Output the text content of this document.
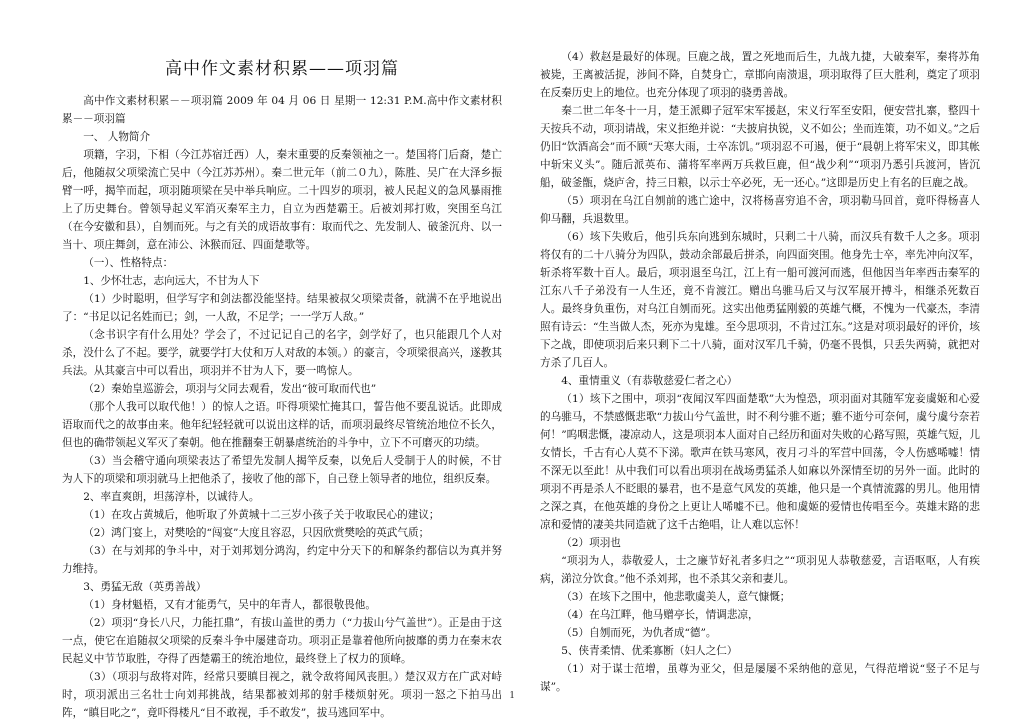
高中作文素材积累——项羽篇

高中作文素材积累－－项羽篇 2009 年 04 月 06 日 星期一 12:31 P.M.高中作文素材积累－－项羽篇

一、 人物简介

项籍，字羽，下相（今江苏宿迁西）人，秦末重要的反秦领袖之一。楚国将门后裔，楚亡后，他随叔父项梁流亡吴中（今江苏苏州）。秦二世元年（前二０九），陈胜、吴广在大泽乡振臂一呼，揭竿而起，项羽随项梁在吴中举兵响应。二十四岁的项羽，被人民起义的急风暴雨推上了历史舞台。曾领导起义军消灭秦军主力，自立为西楚霸王。后被刘邦打败，突围至乌江（在今安徽和县），自刎而死。与之有关的成语故事有：取而代之、先发制人、破釜沉舟、以一当十、项庄舞剑，意在沛公、沐猴而冠、四面楚歌等。

（一）、性格特点：

1、少怀壮志，志向远大，不甘为人下

（1）少时聪明，但学写字和剑法都没能坚持。结果被叔父项梁责备，就满不在乎地说出了：“书足以记名姓而已；剑，一人敌，不足学；一一学万人敌。”

（念书识字有什么用处？学会了，不过记记自己的名字，剑学好了，也只能跟几个人对杀，没什么了不起。要学，就要学打大仗和万人对敌的本领。）的豪言，令项梁很高兴，遂教其兵法。从其豪言中可以看出，项羽并不甘为人下，要一鸣惊人。

（2）秦始皇巡游会，项羽与父同去观看，发出“彼可取而代也”

（那个人我可以取代他！）的惊人之语。吓得项梁忙掩其口，誓告他不要乱说话。此即成语取而代之的故事由来。他年纪轻轻就可以说出这样的话，而项羽最终尽管统治地位不长久，但也的确带领起义军灭了秦朝。他在推翻秦王朝暴虐统治的斗争中，立下不可磨灭的功绩。

（3）当会稽守通向项梁表达了希望先发制人揭竿反秦，以免后人受制于人的时候，不甘为人下的项梁和项羽就马上把他杀了，接收了他的部下，自己登上领导者的地位，组织反秦。

2、率直爽朗，坦荡淳朴，以诚待人。

（1）在攻占黄城后，他听取了外黄城十二三岁小孩子关于收取民心的建议；

（2）鸿门宴上，对樊哙的“闯宴”大度且容忍，只因欣赏樊哙的英武气质；

（3）在与刘邦的争斗中，对于刘邦划分鸿沟，约定中分天下的和解条约都信以为真并努力维持。

3、勇猛无敌（英勇善战）

（1）身材魁梧，又有才能勇气，吴中的年青人，都很敬畏他。

（2）项羽“身长八尺，力能扛鼎”，有拔山盖世的勇力（“力拔山兮气盖世”）。正是由于这一点，使它在追随叔父项梁的反秦斗争中屡建奇功。项羽正是靠着他所向披靡的勇力在秦末农民起义中节节取胜，夺得了西楚霸王的统治地位，最终登上了权力的顶峰。

（3）（项羽与敌将对阵，经常只要瞋目视之，就令敌将闻风丧胆。）楚汉双方在广武对峙时，项羽派出三名壮士向刘邦挑战，结果都被刘邦的射手楼烦射死。项羽一怒之下拍马出阵，“瞋目叱之”，竟吓得楼凡“目不敢视，手不敢发”，拔马逃回军中。

（4）救赵是最好的体现。巨鹿之战，置之死地而后生，九战九捷，大破秦军，秦将苏角被毙，王离被活捉，涉间不降，自焚身亡，章邯向南溃退，项羽取得了巨大胜利，奠定了项羽在反秦历史上的地位。也充分体现了项羽的骁勇善战。

秦二世二年冬十一月，楚王派卿子冠军宋军援赵，宋义行军至安阳，便安营扎寨，整四十天按兵不动，项羽请战，宋义拒绝并说：“夫披肩执锐，义不如公；坐而连策，功不如义。”之后仍旧“饮酒高会”而不顾“天寒大雨，士卒冻饥。”项羽忍不可遏，便于“晨朝上将军宋义，即其帐中斩宋义头”。随后派英布、蒲将军率两万兵救巨鹿，但“战少利”“项羽乃悉引兵渡河，皆沉船，破釜甑，烧庐舍，持三日粮，以示士卒必死，无一还心。”这即是历史上有名的巨鹿之战。

（5）项羽在乌江自刎前的逃亡途中，汉将杨喜穷追不舍，项羽勒马回首，竟吓得杨喜人仰马翻，兵退数里。

（6）垓下失败后，他引兵东向逃到东城时，只剩二十八骑，而汉兵有数千人之多。项羽将仅有的二十八骑分为四队，鼓动余部最后拼杀，向四面突围。他身先士卒，率先冲向汉军，斩杀将军数十百人。最后，项羽退至乌江，江上有一船可渡河而逃，但他因当年率西击秦军的江东八千子弟没有一人生还，竟不肯渡江。赠出乌骓马后又与汉军展开搏斗，相继杀死数百人。最终身负重伤，对乌江自刎而死。这实出他勇猛刚毅的英雄气概，不愧为一代豪杰，李清照有诗云：“生当做人杰，死亦为鬼雄。至今思项羽，不肯过江东。”这是对项羽最好的评价，垓下之战，即使项羽后来只剩下二十八骑，面对汉军几千骑，仍毫不畏惧，只丢失两骑，就把对方杀了几百人。

4、重情重义（有恭敬慈爱仁者之心）

（1）垓下之围中，项羽“夜闻汉军四面楚歌”大为惶恐，项羽面对其随军宠妾虞姬和心爱的乌骓马，不禁感慨悲歌“力拔山兮气盖世，时不利兮骓不逝；骓不逝兮可奈何，虞兮虞兮奈若何！”呜咽悲慨，凄凉动人，这是项羽本人面对自己经历和面对失败的心路写照，英雄气短，儿女情长，千古有心人莫不下涕。歌声在铁马寒风，夜月刁斗的军营中回荡，令人伤感唏嘘！情不深无以至此！从中我们可以看出项羽在战场勇猛杀人如麻以外深情至切的另外一面。此时的项羽不再是杀人不眨眼的暴君，也不是意气风发的英雄，他只是一个真情流露的男儿。他用情之深之真，在他英雄的身份之上更让人唏嘘不已。他和虞姬的爱情也传唱至今。英雄末路的悲凉和爱情的凄美共同造就了这千古绝唱，让人难以忘怀！

（2）项羽也

“项羽为人，恭敬爱人，士之廉节好礼者多归之”“项羽见人恭敬慈爱，言语呕呕，人有疾病，涕泣分饮食。”他不杀刘邦，也不杀其父亲和妻儿。

（3）在垓下之围中，他悲歌虞美人，意气慷慨；

（4）在乌江畔，他马赠亭长，情调悲凉，

（5）自刎而死，为仇者成“德”。

5、侠青柔情、优柔寡断（妇人之仁）

（1）对于谋士范增，虽尊为亚父，但是屡屡不采纳他的意见，气得范增说“竖子不足与谋”。

1
